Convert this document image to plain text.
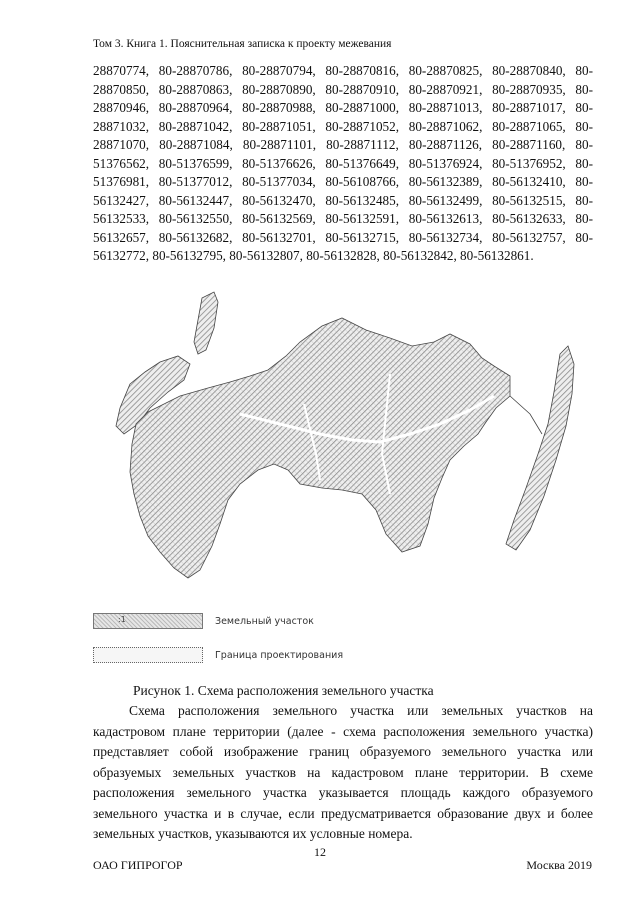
Том 3. Книга 1. Пояснительная записка к проекту межевания

28870774, 80-28870786, 80-28870794, 80-28870816, 80-28870825, 80-28870840, 80-28870850, 80-28870863, 80-28870890, 80-28870910, 80-28870921, 80-28870935, 80-28870946, 80-28870964, 80-28870988, 80-28871000, 80-28871013, 80-28871017, 80-28871032, 80-28871042, 80-28871051, 80-28871052, 80-28871062, 80-28871065, 80-28871070, 80-28871084, 80-28871101, 80-28871112, 80-28871126, 80-28871160, 80-51376562, 80-51376599, 80-51376626, 80-51376649, 80-51376924, 80-51376952, 80-51376981, 80-51377012, 80-51377034, 80-56108766, 80-56132389, 80-56132410, 80-56132427, 80-56132447, 80-56132470, 80-56132485, 80-56132499, 80-56132515, 80-56132533, 80-56132550, 80-56132569, 80-56132591, 80-56132613, 80-56132633, 80-56132657, 80-56132682, 80-56132701, 80-56132715, 80-56132734, 80-56132757, 80-56132772, 80-56132795, 80-56132807, 80-56132828, 80-56132842, 80-56132861.

:1	Земельный участок
Граница проектирования
Рисунок 1. Схема расположения земельного участка

Схема расположения земельного участка или земельных участков на кадастровом плане территории (далее - схема расположения земельного участка) представляет собой изображение границ образуемого земельного участка или образуемых земельных участков на кадастровом плане территории. В схеме расположения земельного участка указывается площадь каждого образуемого земельного участка и в случае, если предусматривается образование двух и более земельных участков, указываются их условные номера.

12
ОАО ГИПРОГОР	Москва 2019
